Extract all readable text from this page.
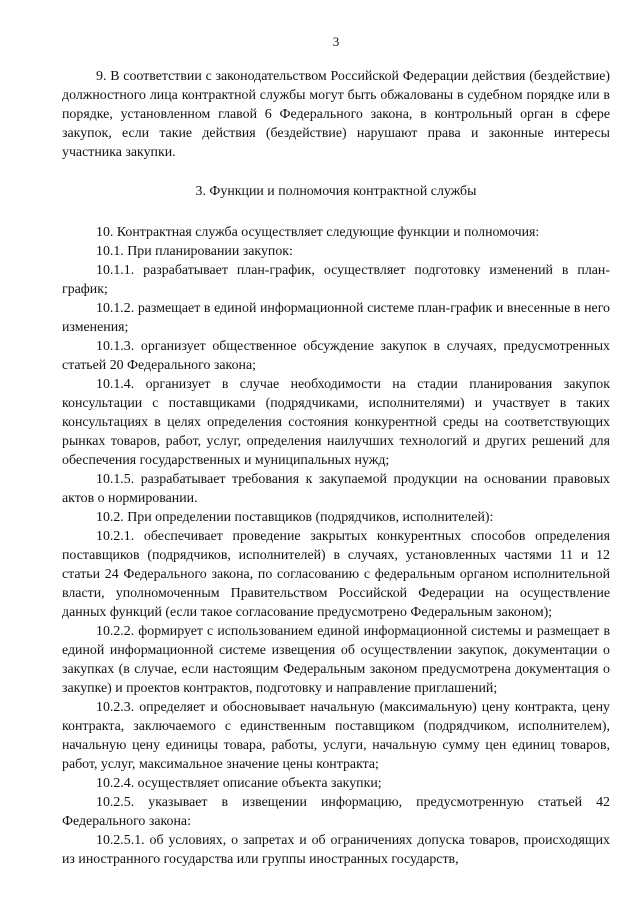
3

9. В соответствии с законодательством Российской Федерации действия (бездействие) должностного лица контрактной службы могут быть обжалованы в судебном порядке или в порядке, установленном главой 6 Федерального закона, в контрольный орган в сфере закупок, если такие действия (бездействие) нарушают права и законные интересы участника закупки.

3. Функции и полномочия контрактной службы

10. Контрактная служба осуществляет следующие функции и полномочия:

10.1. При планировании закупок:

10.1.1. разрабатывает план-график, осуществляет подготовку изменений в план-график;

10.1.2. размещает в единой информационной системе план-график и внесенные в него изменения;

10.1.3. организует общественное обсуждение закупок в случаях, предусмотренных статьей 20 Федерального закона;

10.1.4. организует в случае необходимости на стадии планирования закупок консультации с поставщиками (подрядчиками, исполнителями) и участвует в таких консультациях в целях определения состояния конкурентной среды на соответствующих рынках товаров, работ, услуг, определения наилучших технологий и других решений для обеспечения государственных и муниципальных нужд;

10.1.5. разрабатывает требования к закупаемой продукции на основании правовых актов о нормировании.

10.2. При определении поставщиков (подрядчиков, исполнителей):

10.2.1. обеспечивает проведение закрытых конкурентных способов определения поставщиков (подрядчиков, исполнителей) в случаях, установленных частями 11 и 12 статьи 24 Федерального закона, по согласованию с федеральным органом исполнительной власти, уполномоченным Правительством Российской Федерации на осуществление данных функций (если такое согласование предусмотрено Федеральным законом);

10.2.2. формирует с использованием единой информационной системы и размещает в единой информационной системе извещения об осуществлении закупок, документации о закупках (в случае, если настоящим Федеральным законом предусмотрена документация о закупке) и проектов контрактов, подготовку и направление приглашений;

10.2.3. определяет и обосновывает начальную (максимальную) цену контракта, цену контракта, заключаемого с единственным поставщиком (подрядчиком, исполнителем), начальную цену единицы товара, работы, услуги, начальную сумму цен единиц товаров, работ, услуг, максимальное значение цены контракта;

10.2.4. осуществляет описание объекта закупки;

10.2.5. указывает в извещении информацию, предусмотренную статьей 42 Федерального закона:

10.2.5.1. об условиях, о запретах и об ограничениях допуска товаров, происходящих из иностранного государства или группы иностранных государств,
